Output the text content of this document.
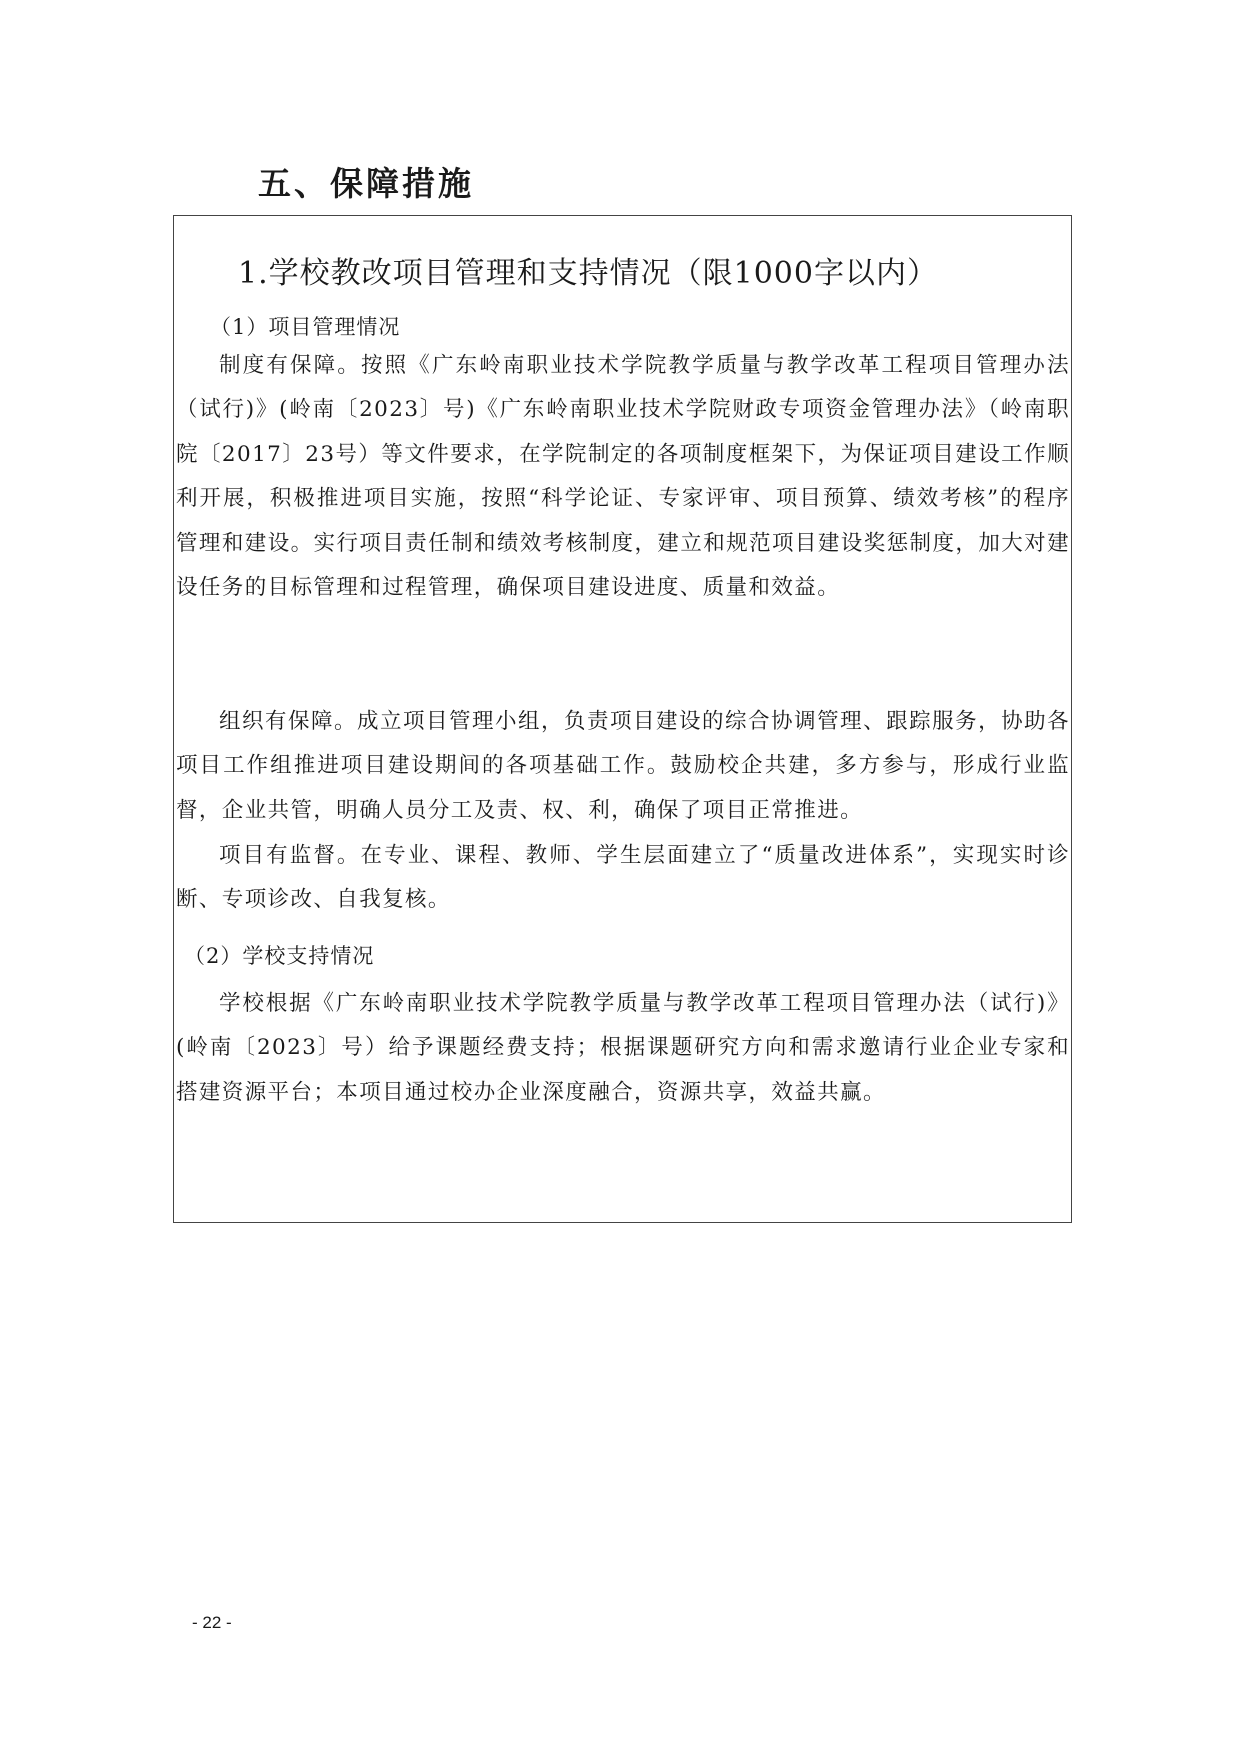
五、保障措施
1.学校教改项目管理和支持情况（限1000字以内）
（1）项目管理情况

制度有保障。按照《广东岭南职业技术学院教学质量与教学改革工程项目管理办法（试行)》(岭南〔2023〕号)《广东岭南职业技术学院财政专项资金管理办法》（岭南职院〔2017〕23号）等文件要求，在学院制定的各项制度框架下，为保证项目建设工作顺利开展，积极推进项目实施，按照“科学论证、专家评审、项目预算、绩效考核”的程序管理和建设。实行项目责任制和绩效考核制度，建立和规范项目建设奖惩制度，加大对建设任务的目标管理和过程管理，确保项目建设进度、质量和效益。

组织有保障。成立项目管理小组，负责项目建设的综合协调管理、跟踪服务，协助各项目工作组推进项目建设期间的各项基础工作。鼓励校企共建，多方参与，形成行业监督，企业共管，明确人员分工及责、权、利，确保了项目正常推进。

项目有监督。在专业、课程、教师、学生层面建立了“质量改进体系”，实现实时诊断、专项诊改、自我复核。

（2）学校支持情况

学校根据《广东岭南职业技术学院教学质量与教学改革工程项目管理办法（试行)》(岭南〔2023〕号）给予课题经费支持；根据课题研究方向和需求邀请行业企业专家和搭建资源平台；本项目通过校办企业深度融合，资源共享，效益共赢。

- 22 -
